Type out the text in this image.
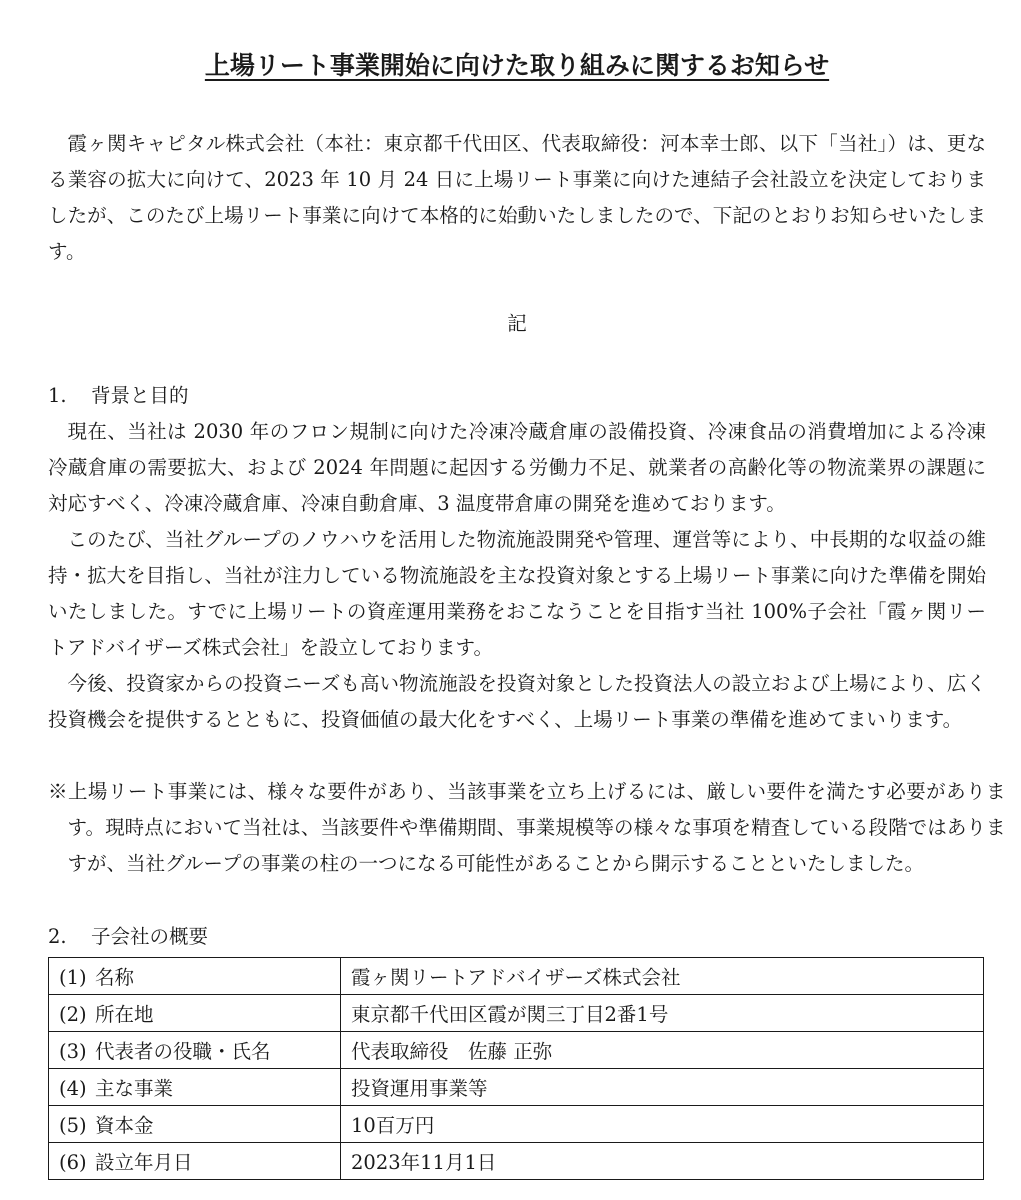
上場リート事業開始に向けた取り組みに関するお知らせ

霞ヶ関キャピタル株式会社（本社：東京都千代田区、代表取締役：河本幸士郎、以下「当社」）は、更なる業容の拡大に向けて、2023 年 10 月 24 日に上場リート事業に向けた連結子会社設立を決定しておりましたが、このたび上場リート事業に向けて本格的に始動いたしましたので、下記のとおりお知らせいたします。

記
1. 背景と目的

現在、当社は 2030 年のフロン規制に向けた冷凍冷蔵倉庫の設備投資、冷凍食品の消費増加による冷凍冷蔵倉庫の需要拡大、および 2024 年問題に起因する労働力不足、就業者の高齢化等の物流業界の課題に対応すべく、冷凍冷蔵倉庫、冷凍自動倉庫、3 温度帯倉庫の開発を進めております。

このたび、当社グループのノウハウを活用した物流施設開発や管理、運営等により、中長期的な収益の維持・拡大を目指し、当社が注力している物流施設を主な投資対象とする上場リート事業に向けた準備を開始いたしました。すでに上場リートの資産運用業務をおこなうことを目指す当社 100%子会社「霞ヶ関リートアドバイザーズ株式会社」を設立しております。

今後、投資家からの投資ニーズも高い物流施設を投資対象とした投資法人の設立および上場により、広く投資機会を提供するとともに、投資価値の最大化をすべく、上場リート事業の準備を進めてまいります。

※上場リート事業には、様々な要件があり、当該事業を立ち上げるには、厳しい要件を満たす必要があります。現時点において当社は、当該要件や準備期間、事業規模等の様々な事項を精査している段階ではありますが、当社グループの事業の柱の一つになる可能性があることから開示することといたしました。

2. 子会社の概要
(1) 名称	霞ヶ関リートアドバイザーズ株式会社
(2) 所在地	東京都千代田区霞が関三丁目2番1号
(3) 代表者の役職・氏名	代表取締役　佐藤 正弥
(4) 主な事業	投資運用事業等
(5) 資本金	10百万円
(6) 設立年月日	2023年11月1日
